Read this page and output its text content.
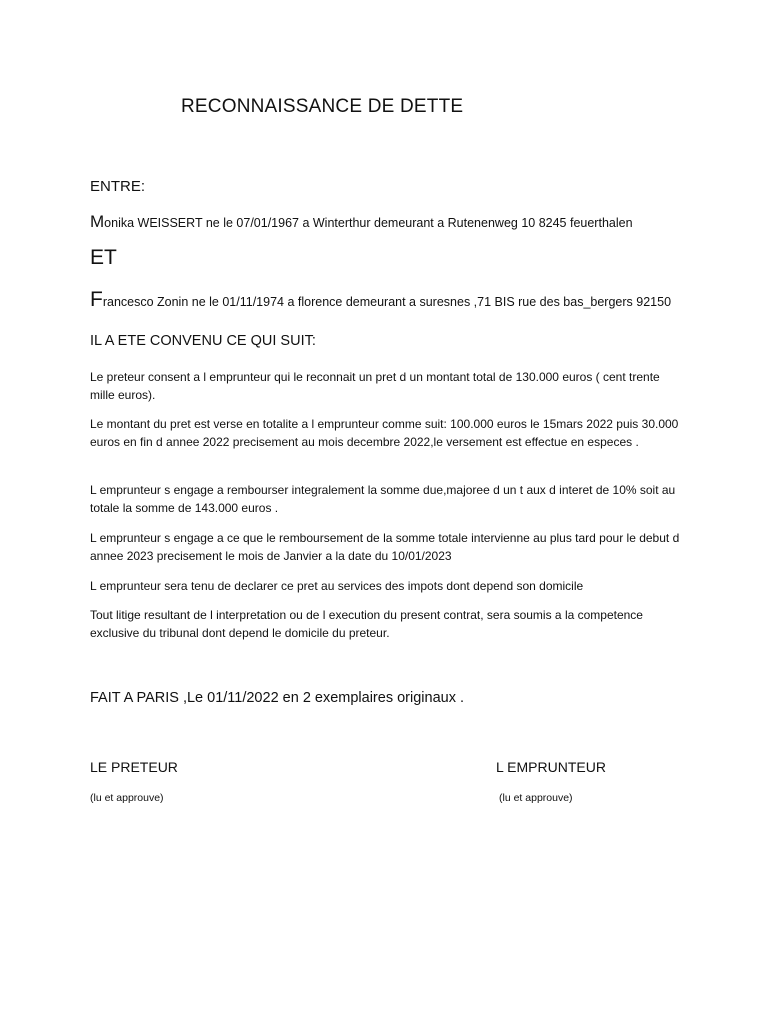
RECONNAISSANCE DE DETTE
ENTRE:
Monika WEISSERT ne le 07/01/1967 a Winterthur demeurant a Rutenenweg 10 8245 feuerthalen
ET
Francesco Zonin ne le 01/11/1974 a florence demeurant a suresnes ,71 BIS rue des bas_bergers 92150
IL A ETE CONVENU CE QUI SUIT:
Le preteur consent a l emprunteur qui le reconnait un pret d un montant total de 130.000 euros ( cent trente mille euros).
Le montant du pret est verse en totalite a l emprunteur comme suit: 100.000 euros le 15mars 2022 puis 30.000 euros en fin d annee 2022 precisement au mois decembre 2022,le versement est effectue en especes .
L emprunteur s engage a rembourser integralement la somme due,majoree d un t aux d interet de 10% soit au totale la somme de 143.000 euros .
L emprunteur s engage a ce que le remboursement de la somme totale intervienne au plus tard pour le debut d annee 2023 precisement le mois de Janvier a la date du 10/01/2023
L emprunteur sera tenu de declarer ce pret au services des impots dont depend son domicile
Tout litige resultant de l interpretation ou de l execution du present contrat, sera soumis a la competence exclusive du tribunal dont depend le domicile du preteur.
FAIT A PARIS ,Le 01/11/2022 en 2 exemplaires originaux .
LE PRETEUR	L EMPRUNTEUR
(lu et approuve)	(lu et approuve)
